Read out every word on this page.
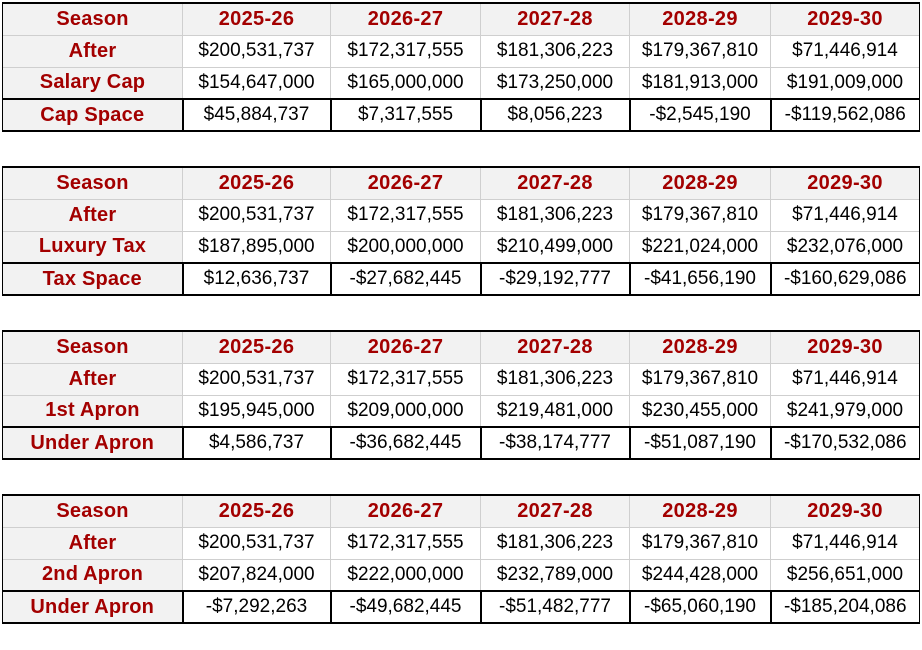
Season	2025-26	2026-27	2027-28	2028-29	2029-30
After	$200,531,737	$172,317,555	$181,306,223	$179,367,810	$71,446,914
Salary Cap	$154,647,000	$165,000,000	$173,250,000	$181,913,000	$191,009,000
Cap Space	$45,884,737	$7,317,555	$8,056,223	-$2,545,190	-$119,562,086
Season	2025-26	2026-27	2027-28	2028-29	2029-30
After	$200,531,737	$172,317,555	$181,306,223	$179,367,810	$71,446,914
Luxury Tax	$187,895,000	$200,000,000	$210,499,000	$221,024,000	$232,076,000
Tax Space	$12,636,737	-$27,682,445	-$29,192,777	-$41,656,190	-$160,629,086
Season	2025-26	2026-27	2027-28	2028-29	2029-30
After	$200,531,737	$172,317,555	$181,306,223	$179,367,810	$71,446,914
1st Apron	$195,945,000	$209,000,000	$219,481,000	$230,455,000	$241,979,000
Under Apron	$4,586,737	-$36,682,445	-$38,174,777	-$51,087,190	-$170,532,086
Season	2025-26	2026-27	2027-28	2028-29	2029-30
After	$200,531,737	$172,317,555	$181,306,223	$179,367,810	$71,446,914
2nd Apron	$207,824,000	$222,000,000	$232,789,000	$244,428,000	$256,651,000
Under Apron	-$7,292,263	-$49,682,445	-$51,482,777	-$65,060,190	-$185,204,086
